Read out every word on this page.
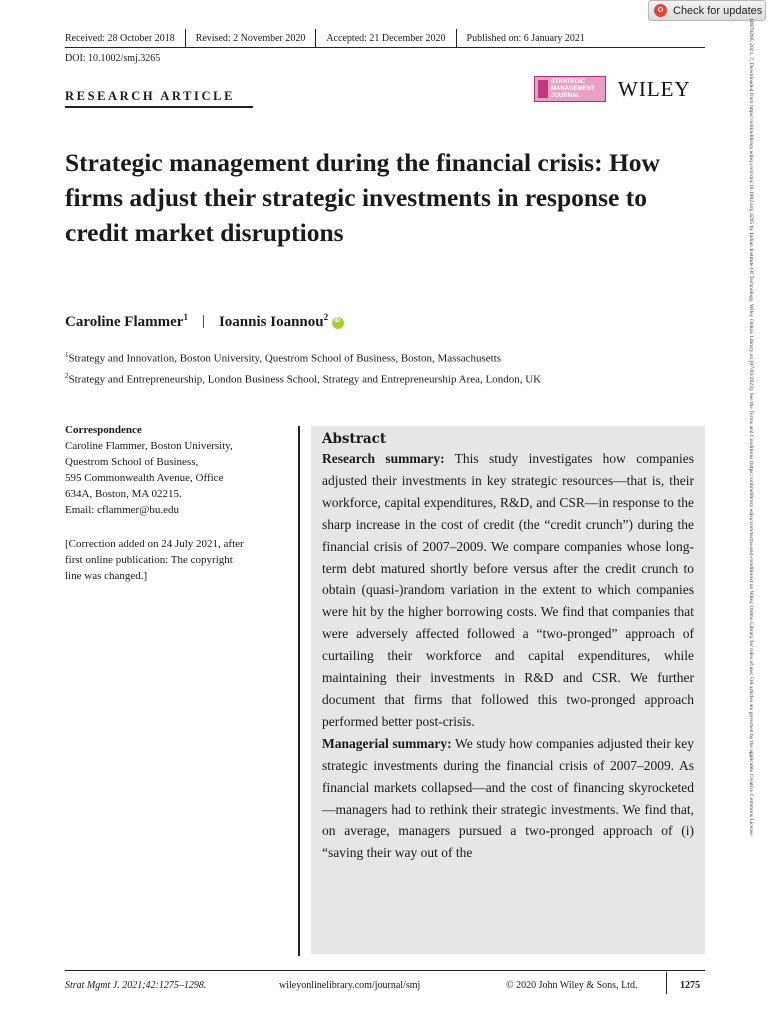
Check for updates
Received: 28 October 2018 Revised: 2 November 2020 Accepted: 21 December 2020 Published on: 6 January 2021
DOI: 10.1002/smj.3265
RESEARCH ARTICLE
STRATEGIC MANAGEMENT JOURNAL	WILEY
Strategic management during the financial crisis: How firms adjust their strategic investments in response to credit market disruptions
Caroline Flammer$^1$ | Ioannis Ioannou$^2$
iD
$^1$Strategy and Innovation, Boston University, Questrom School of Business, Boston, Massachusetts
$^2$Strategy and Entrepreneurship, London Business School, Strategy and Entrepreneurship Area, London, UK
Correspondence
Caroline Flammer, Boston University,
Questrom School of Business,
595 Commonwealth Avenue, Office
634A, Boston, MA 02215.
Email: cflammer@bu.edu
[Correction added on 24 July 2021, after
first online publication: The copyright
line was changed.]
Abstract

Research summary: This study investigates how companies adjusted their investments in key strategic resources—that is, their workforce, capital expenditures, R&D, and CSR—in response to the sharp increase in the cost of credit (the “credit crunch”) during the financial crisis of 2007–2009. We compare companies whose long-term debt matured shortly before versus after the credit crunch to obtain (quasi-)random variation in the extent to which companies were hit by the higher borrowing costs. We find that companies that were adversely affected followed a “two-pronged” approach of curtailing their workforce and capital expenditures, while maintaining their investments in R&D and CSR. We further document that firms that followed this two-pronged approach performed better post-crisis.

Managerial summary: We study how companies adjusted their key strategic investments during the financial crisis of 2007–2009. As financial markets collapsed—and the cost of financing skyrocketed—managers had to rethink their strategic investments. We find that, on average, managers pursued a two-pronged approach of (i) “saving their way out of the

Strat Mgmt J. 2021;42:1275–1298.	wileyonlinelibrary.com/journal/smj	© 2020 John Wiley & Sons, Ltd.	1275
10970266, 2021, 7, Downloaded from https://onlinelibrary.wiley.com/doi/10.1002/smj.3265 by Indian Institute Of Technology, Wiley Online Library on [07/03/2023]. See the Terms and Conditions (https://onlinelibrary.wiley.com/terms-and-conditions) on Wiley Online Library for rules of use; OA articles are governed by the applicable Creative Commons License
